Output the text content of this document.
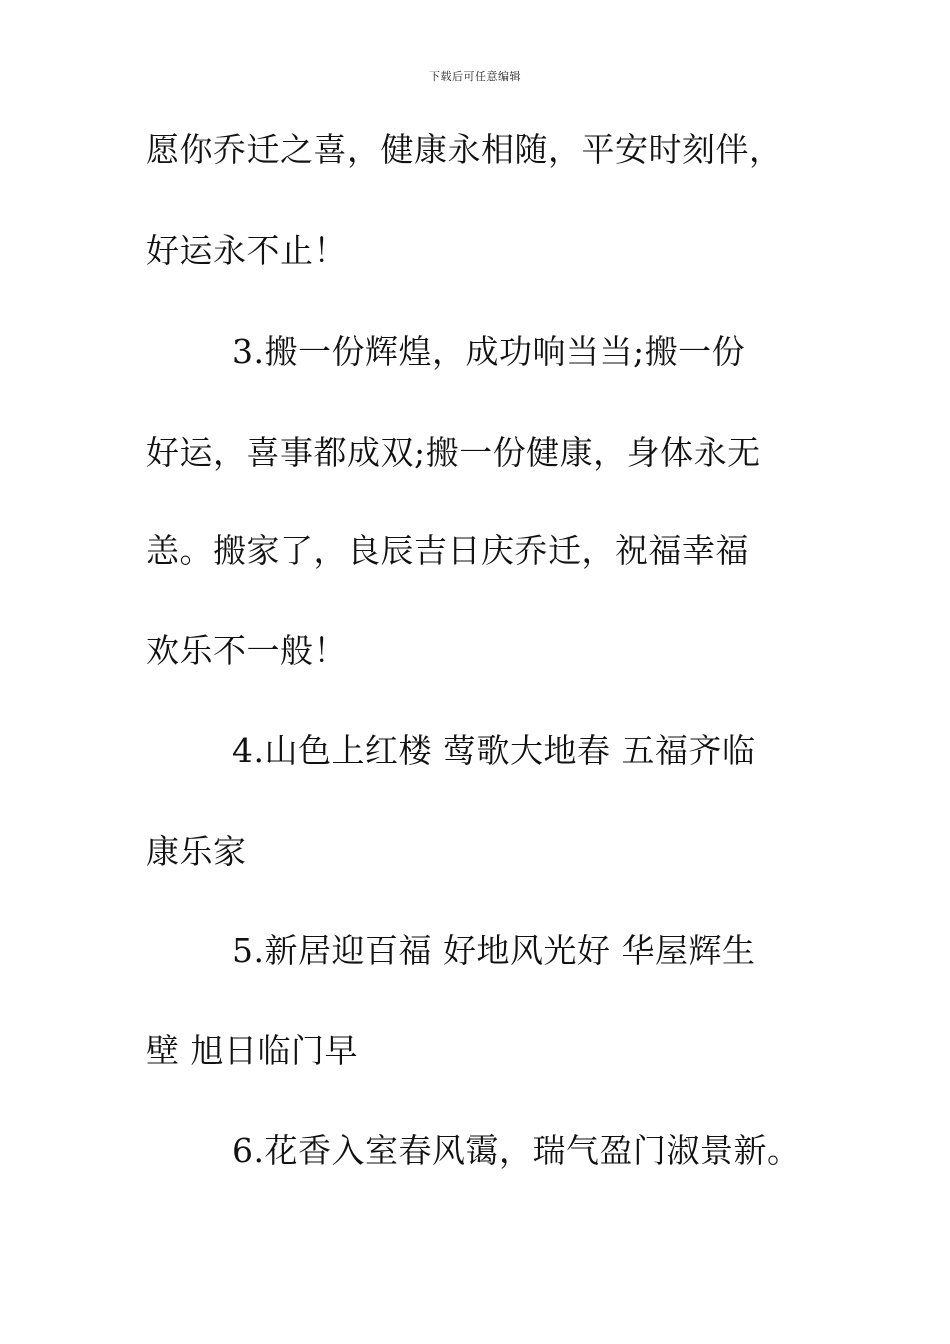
下载后可任意编辑
愿你乔迁之喜，健康永相随，平安时刻伴，
好运永不止！
3.搬一份辉煌，成功响当当;搬一份
好运，喜事都成双;搬一份健康，身体永无
恙。搬家了，良辰吉日庆乔迁，祝福幸福
欢乐不一般！
4.山色上红楼 莺歌大地春 五福齐临
康乐家
5.新居迎百福 好地风光好 华屋辉生
壁 旭日临门早
6.花香入室春风霭，瑞气盈门淑景新。
